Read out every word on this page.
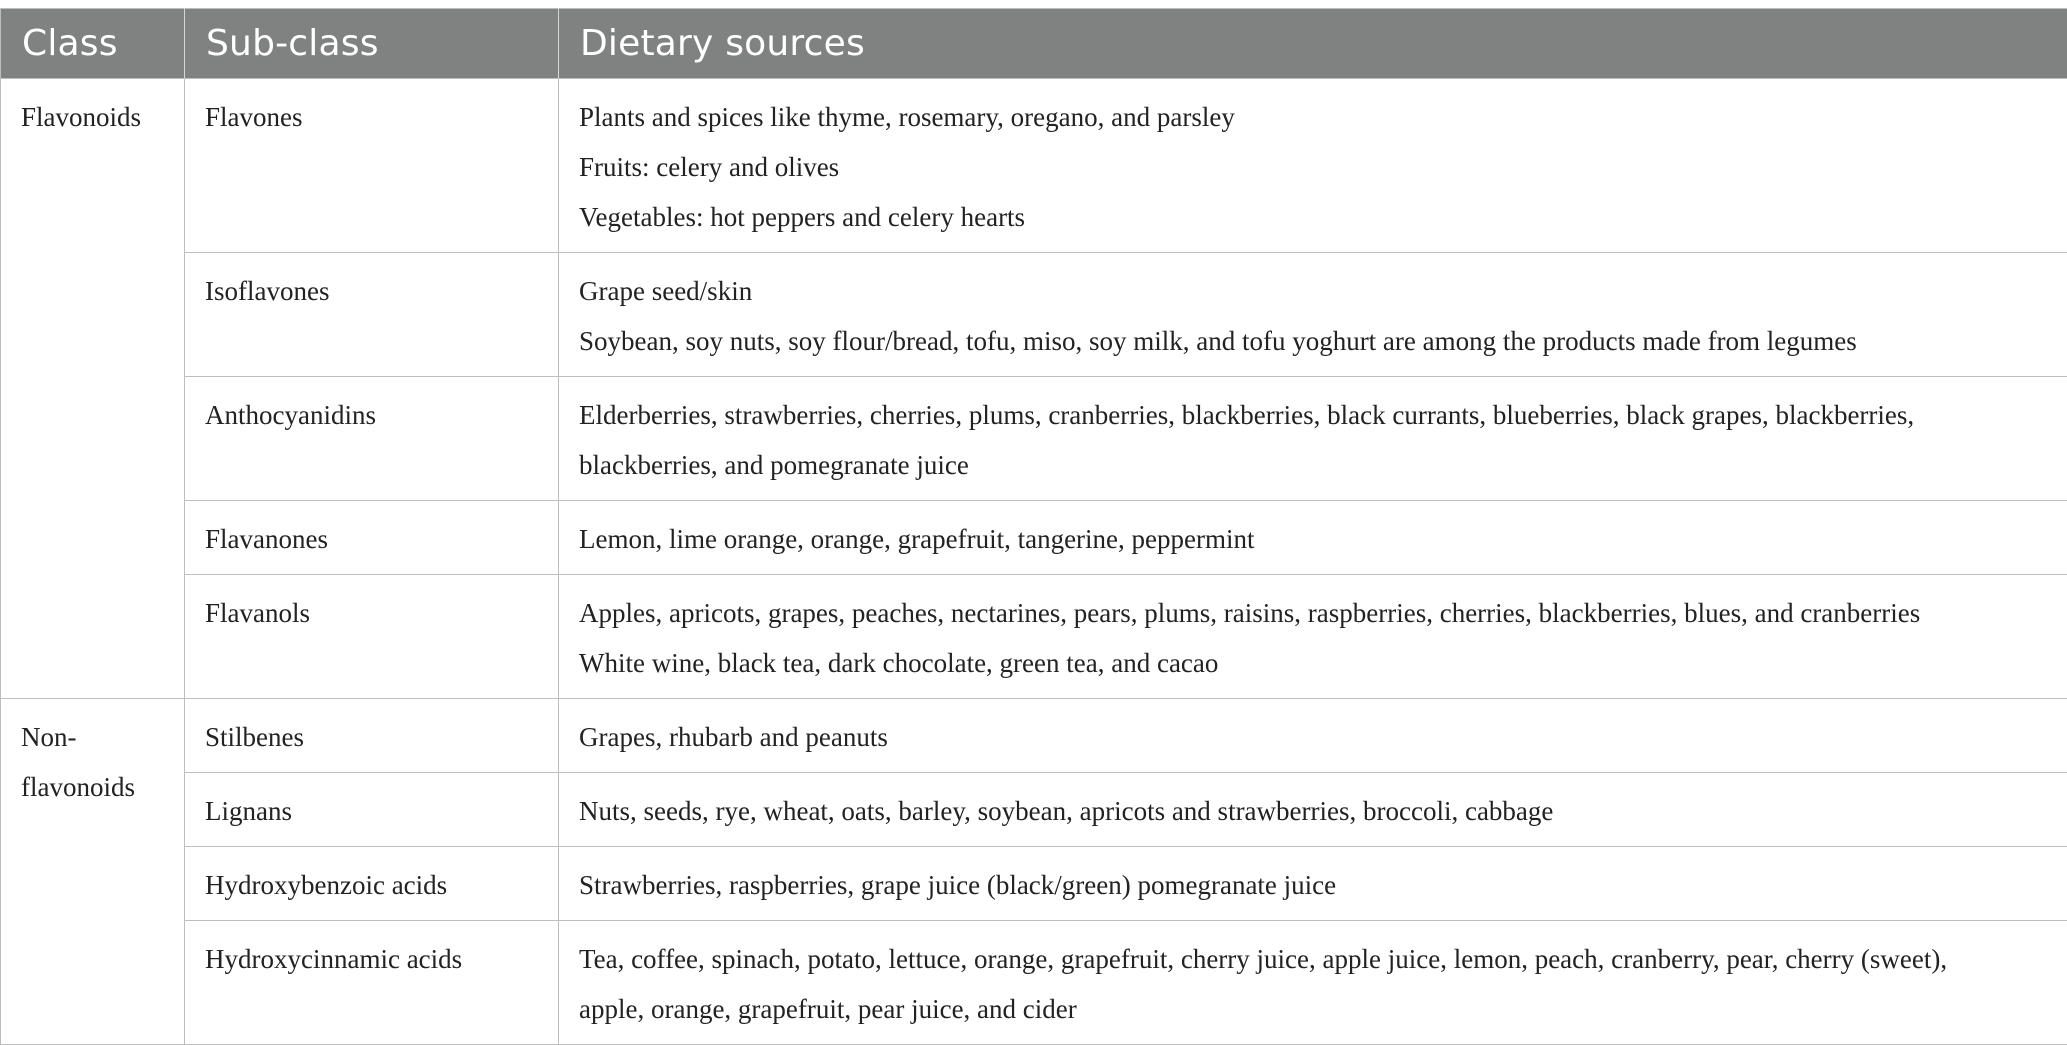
Class	Sub-class	Dietary sources

Flavonoids	Flavones	Plants and spices like thyme, rosemary, oregano, and parsley
Fruits: celery and olives
Vegetables: hot peppers and celery hearts

	Isoflavones	Grape seed/skin
Soybean, soy nuts, soy flour/bread, tofu, miso, soy milk, and tofu yoghurt are among the products made from legumes

	Anthocyanidins	Elderberries, strawberries, cherries, plums, cranberries, blackberries, black currants, blueberries, black grapes, blackberries,
blackberries, and pomegranate juice

	Flavanones	Lemon, lime orange, orange, grapefruit, tangerine, peppermint

	Flavanols	Apples, apricots, grapes, peaches, nectarines, pears, plums, raisins, raspberries, cherries, blackberries, blues, and cranberries
White wine, black tea, dark chocolate, green tea, and cacao

Non-
flavonoids	Stilbenes	Grapes, rhubarb and peanuts

	Lignans	Nuts, seeds, rye, wheat, oats, barley, soybean, apricots and strawberries, broccoli, cabbage

	Hydroxybenzoic acids	Strawberries, raspberries, grape juice (black/green) pomegranate juice

	Hydroxycinnamic acids	Tea, coffee, spinach, potato, lettuce, orange, grapefruit, cherry juice, apple juice, lemon, peach, cranberry, pear, cherry (sweet),
apple, orange, grapefruit, pear juice, and cider
